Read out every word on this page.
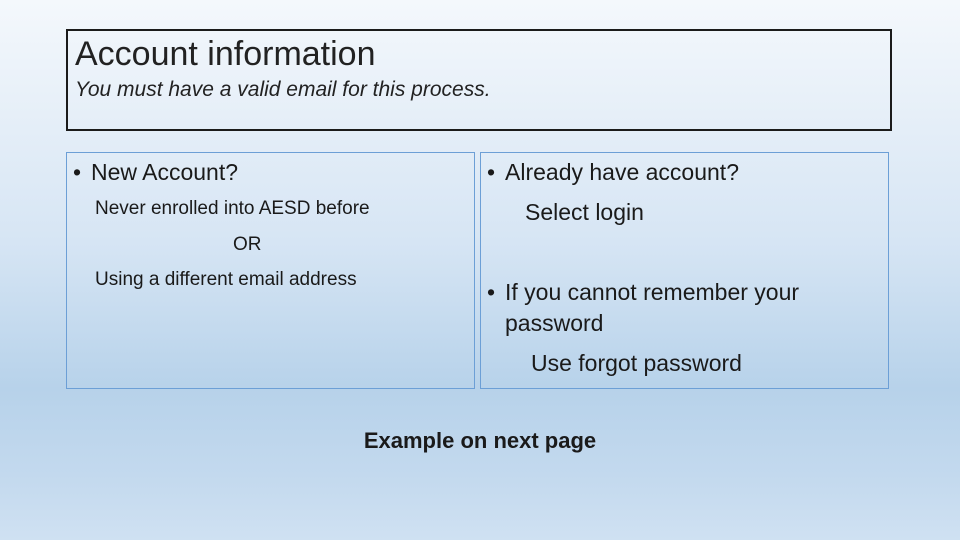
Account information
You must have a valid email for this process.
• New Account?
Never enrolled into AESD before
OR
Using a different email address
• Already have account?
Select login
• If you cannot remember your
password
Use forgot password
Example on next page
